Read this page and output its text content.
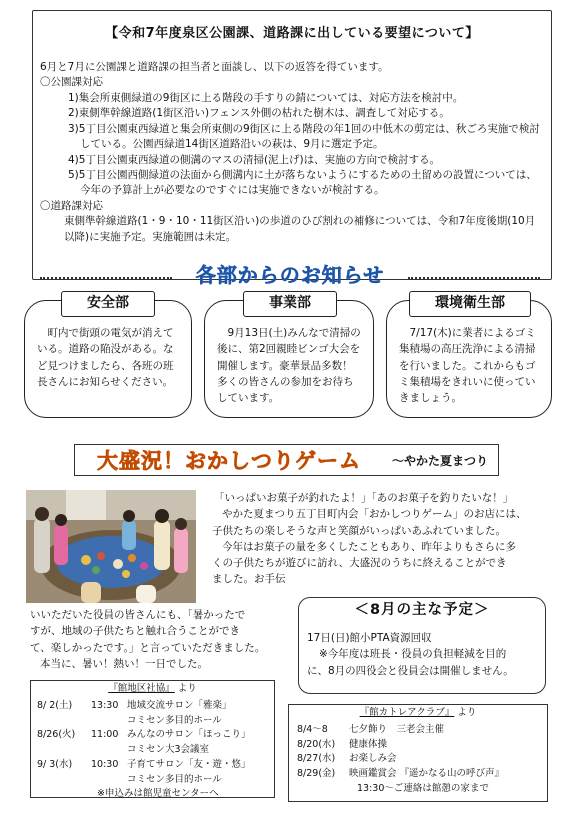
【令和7年度泉区公園課、道路課に出している要望について】

6月と7月に公園課と道路課の担当者と面談し、以下の返答を得ています。

〇公園課対応

1)集会所東側緑道の9街区に上る階段の手すりの錆については、対応方法を検討中。

2)東側準幹線道路(1街区沿い)フェンス外側の枯れた樹木は、調査して対応する。

3)5丁目公園東西緑道と集会所東側の9街区に上る階段の年1回の中低木の剪定は、秋ごろ実施で検討している。公園西緑道14街区道路沿いの萩は、9月に選定予定。

4)5丁目公園東西緑道の側溝のマスの清掃(泥上げ)は、実施の方向で検討する。

5)5丁目公園西側緑道の法面から側溝内に土が落ちないようにするための土留めの設置については、今年の予算計上が必要なのですぐには実施できないが検討する。

〇道路課対応

東側準幹線道路(1・9・10・11街区沿い)の歩道のひび割れの補修については、令和7年度後期(10月以降)に実施予定。実施範囲は未定。

各部からのお知らせ
安全部
町内で街頭の電気が消えている。道路の陥没がある。など見つけましたら、各班の班長さんにお知らせください。
事業部
9月13日(土)みんなで清掃の後に、第2回親睦ビンゴ大会を開催します。豪華景品多数！多くの皆さんの参加をお待ちしています。
環境衛生部
7/17(木)に業者によるゴミ集積場の高圧洗浄による清掃を行いました。これからもゴミ集積場をきれいに使っていきましょう。
大盛況！おかしつりゲーム	～やかた夏まつり
「いっぱいお菓子が釣れたよ！」「あのお菓子を釣りたいな！」
やかた夏まつり五丁目町内会「おかしつりゲーム」のお店には、
子供たちの楽しそうな声と笑顔がいっぱいあふれていました。
今年はお菓子の量を多くしたこともあり、昨年よりもさらに多
くの子供たちが遊びに訪れ、大盛況のうちに終えることができ
ました。お手伝
いいただいた役員の皆さんにも、「暑かったで
すが、地域の子供たちと触れ合うことができ
て、楽しかったです。」と言っていただきました。
本当に、暑い！熱い！一日でした。
＜8月の主な予定＞
17日(日)館小PTA資源回収
※今年度は班長・役員の負担軽減を目的
に、8月の四役会と役員会は開催しません。
『館地区社協』 より
8/ 2(土) 13:30 地域交流サロン「雅楽」
コミセン多目的ホール
8/26(火) 11:00 みんなのサロン「ほっこり」
コミセン大3会議室
9/ 3(水) 10:30 子育てサロン「友・遊・悠」
コミセン多目的ホール
※申込みは館児童センターへ
『館カトレアクラブ』 より
8/4～8 七夕飾り　三老会主催
8/20(水) 健康体操
8/27(水) お楽しみ会
8/29(金) 映画鑑賞会 『遥かなる山の呼び声』
13:30～ご連絡は館憩の家まで
